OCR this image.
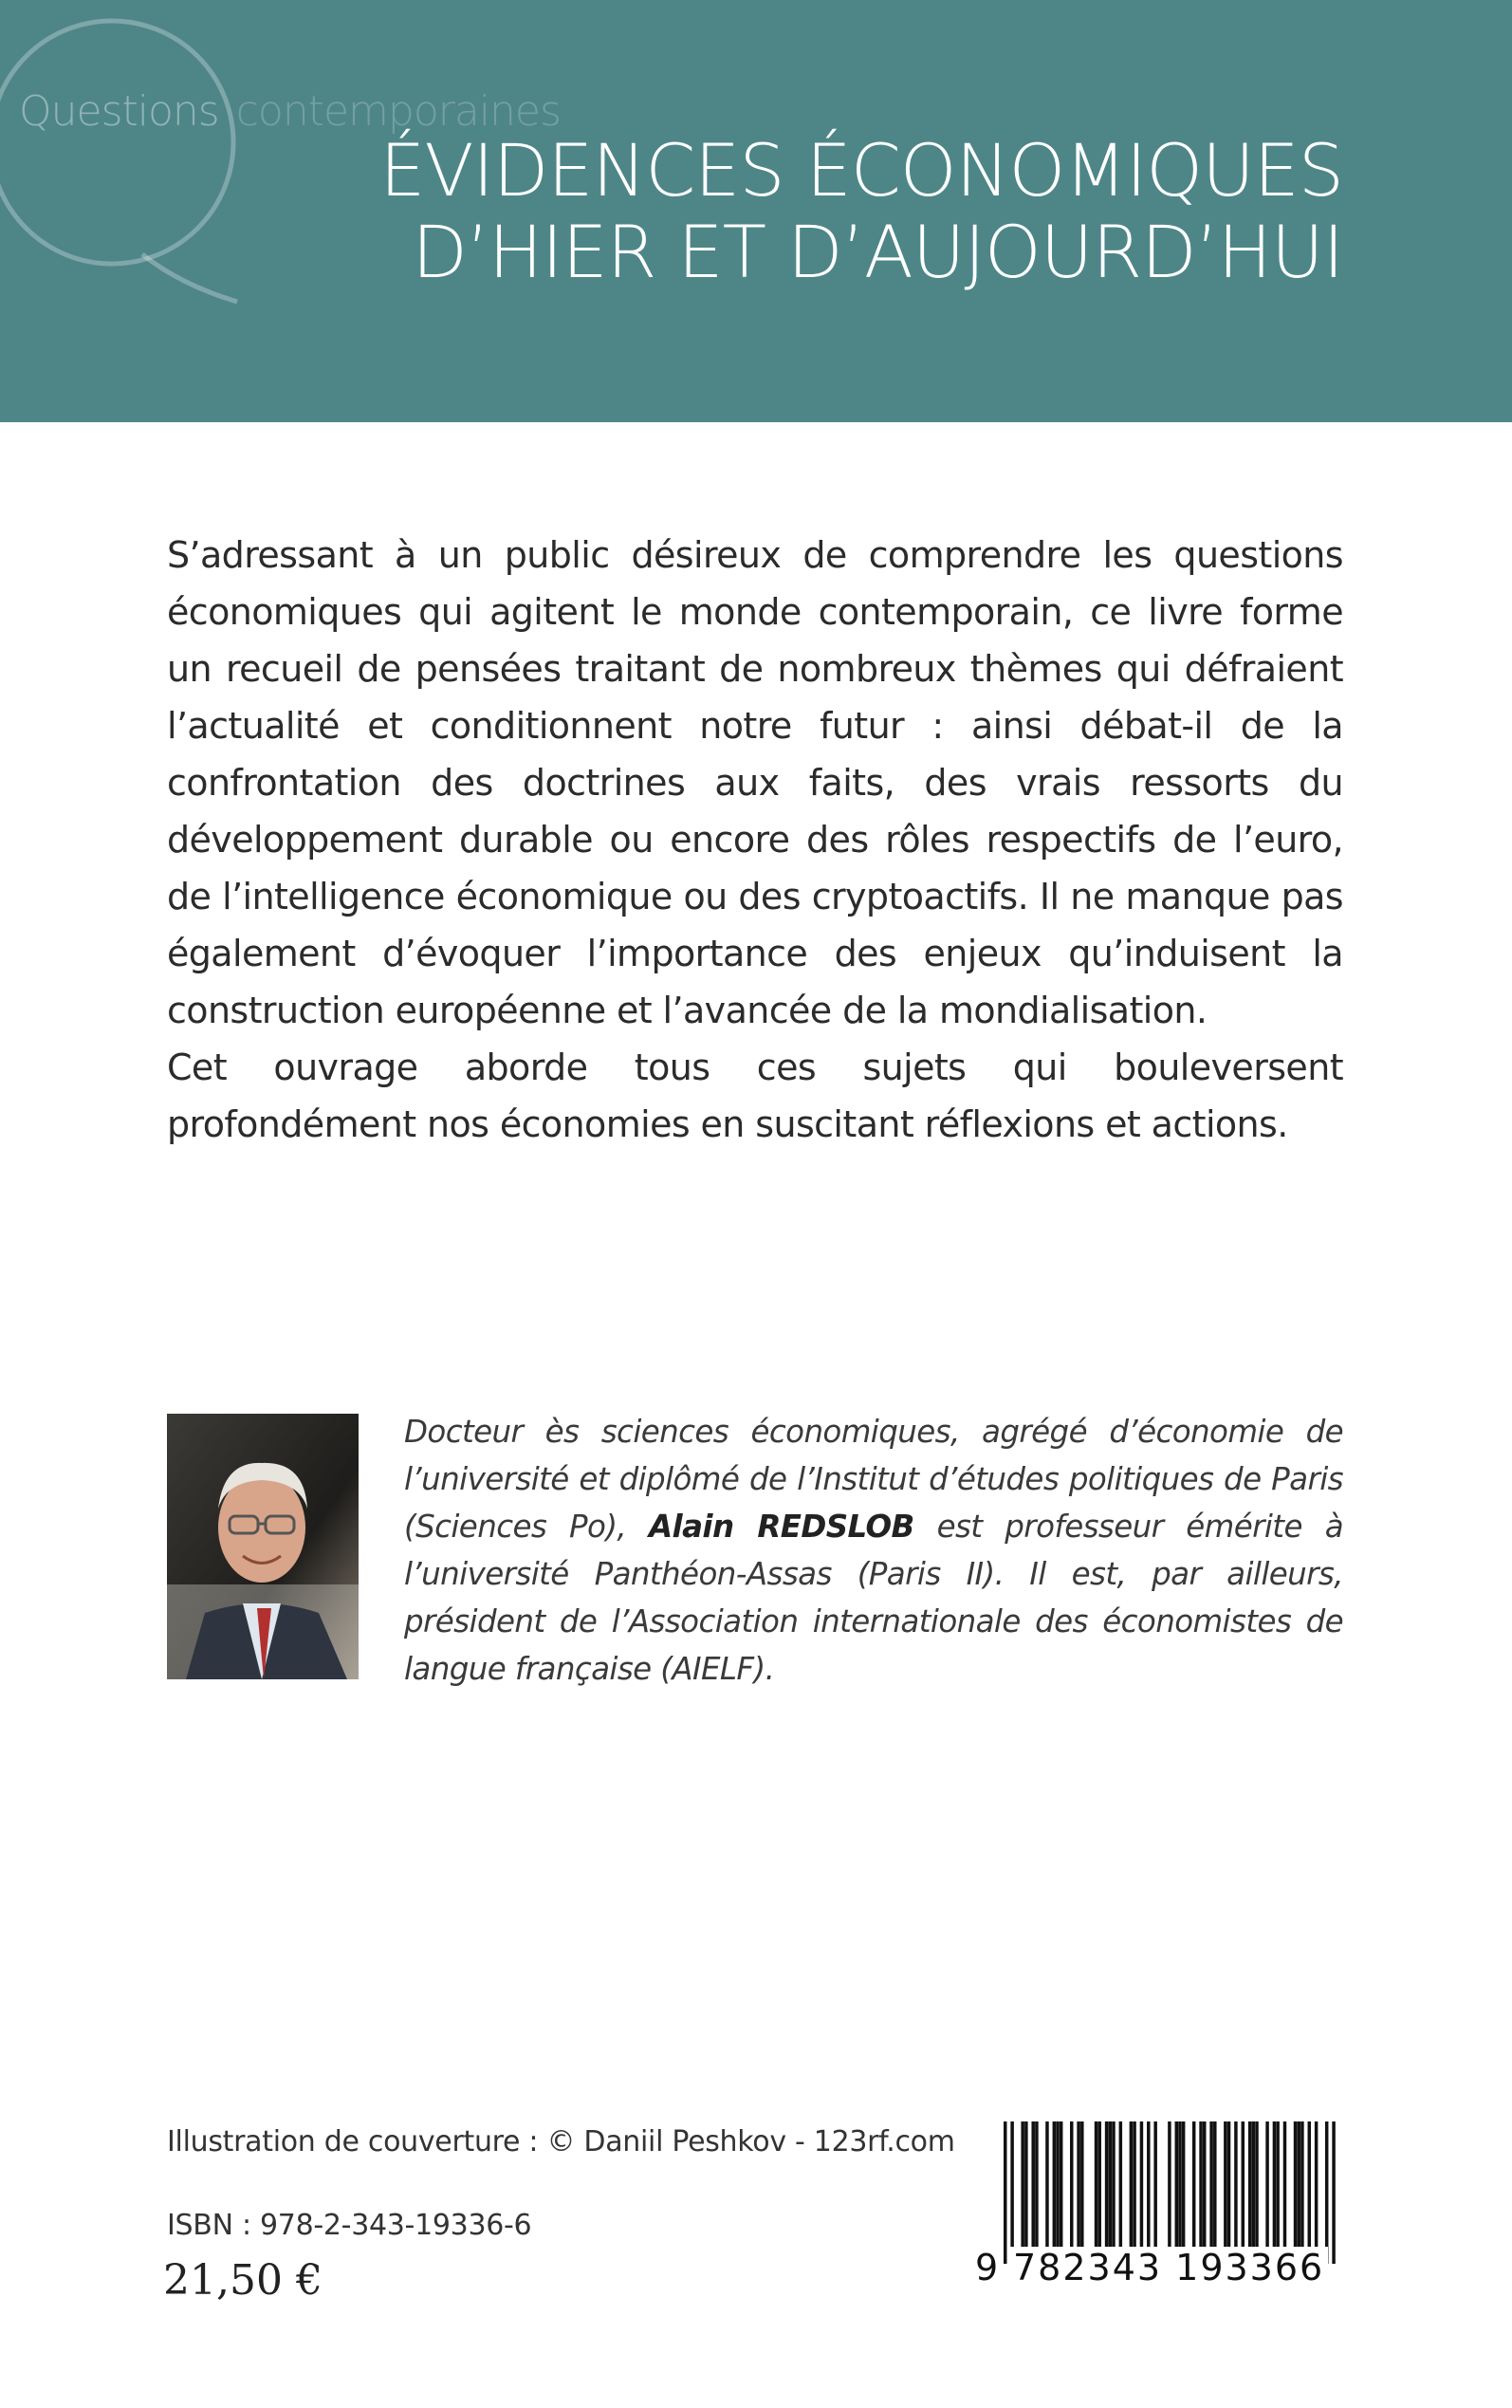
Questions contemporaines
ÉVIDENCES ÉCONOMIQUES
D’HIER ET D’AUJOURD’HUI

S’adressant à un public désireux de comprendre les questions économiques qui agitent le monde contemporain, ce livre forme un recueil de pensées traitant de nombreux thèmes qui défraient l’actualité et conditionnent notre futur : ainsi débat-il de la confrontation des doctrines aux faits, des vrais ressorts du développement durable ou encore des rôles respectifs de l’euro, de l’intelligence économique ou des cryptoactifs. Il ne manque pas également d’évoquer l’importance des enjeux qu’induisent la construction européenne et l’avancée de la mondialisation.

Cet ouvrage aborde tous ces sujets qui bouleversent profondément nos économies en suscitant réflexions et actions.

Docteur ès sciences économiques, agrégé d’économie de l’université et diplômé de l’Institut d’études politiques de Paris (Sciences Po), Alain REDSLOB est professeur émérite à l’université Panthéon-Assas (Paris II). Il est, par ailleurs, président de l’Association internationale des économistes de langue française (AIELF).

Illustration de couverture : © Daniil Peshkov - 123rf.com
ISBN : 978-2-343-19336-6
21,50 €	9 782343 193366
